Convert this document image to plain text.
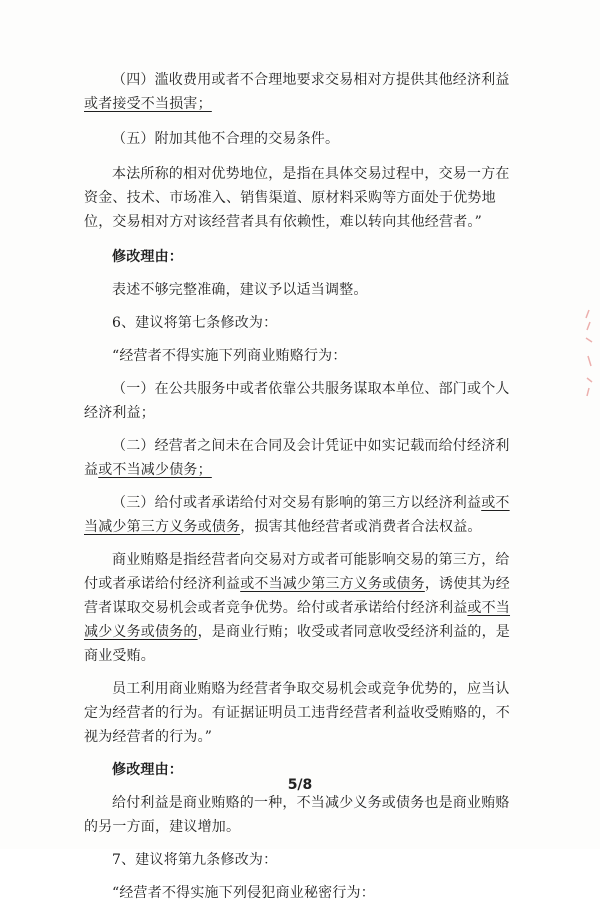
（四）滥收费用或者不合理地要求交易相对方提供其他经济利益或者接受不当损害；

（五）附加其他不合理的交易条件。

本法所称的相对优势地位，是指在具体交易过程中，交易一方在资金、技术、市场准入、销售渠道、原材料采购等方面处于优势地位，交易相对方对该经营者具有依赖性，难以转向其他经营者。”

修改理由：

表述不够完整准确，建议予以适当调整。

6、建议将第七条修改为：

“经营者不得实施下列商业贿赂行为：

（一）在公共服务中或者依靠公共服务谋取本单位、部门或个人经济利益；

（二）经营者之间未在合同及会计凭证中如实记载而给付经济利益或不当减少债务；

（三）给付或者承诺给付对交易有影响的第三方以经济利益或不当减少第三方义务或债务，损害其他经营者或消费者合法权益。

商业贿赂是指经营者向交易对方或者可能影响交易的第三方，给付或者承诺给付经济利益或不当减少第三方义务或债务，诱使其为经营者谋取交易机会或者竞争优势。给付或者承诺给付经济利益或不当减少义务或债务的，是商业行贿；收受或者同意收受经济利益的，是商业受贿。

员工利用商业贿赂为经营者争取交易机会或竞争优势的，应当认定为经营者的行为。有证据证明员工违背经营者利益收受贿赂的，不视为经营者的行为。”

修改理由：

给付利益是商业贿赂的一种，不当减少义务或债务也是商业贿赂的另一方面，建议增加。

7、建议将第九条修改为：

“经营者不得实施下列侵犯商业秘密行为：

5/8
